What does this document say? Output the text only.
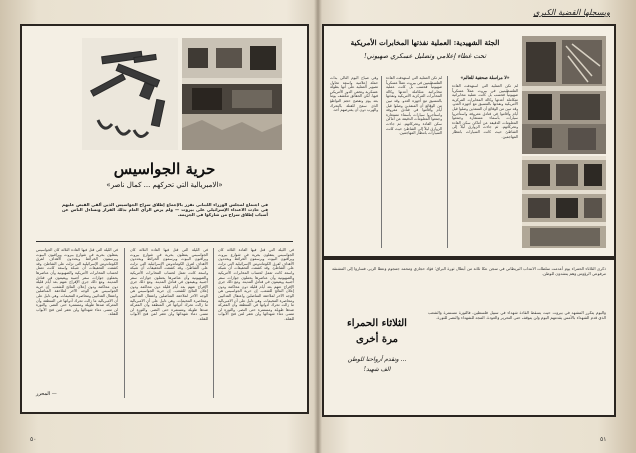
حرية الجواسيس
«الامبريالية التي تحركهم ... كمال ناصر»
في اجتماع لمجلس الوزراء اللبناني تقرر بالإجماع إطلاق سراح الجواسيس الذين ألقي القبض عليهم في حادث الاعتداء الإسرائيلي على بيروت — ولم يرض الرأي العام بذلك القرار وتساءل الناس عن أسباب إطلاق سراح من شاركوا في الجريمة.
في الليلة التي قتل فيها القادة الثلاثة كان الجواسيس يتنقلون بحرية في شوارع بيروت ويراقبون البيوت ويرسمون الخرائط ويحددون الأهداف لفرق الكوماندوس الإسرائيلية التي نزلت على الشاطئ. وقد كشفت التحقيقات أن شبكة واسعة كانت تعمل لحساب المخابرات الأمريكية والصهيونية وأن عناصرها يحملون جوازات سفر أجنبية ويقيمون في فنادق المدينة. ومع ذلك جرى الإفراج عنهم بعد أيام قليلة دون محاكمة ودون إعلان النتائج للشعب. إن حرية الجواسيس هي الوجه الآخر لملاحقة المناضلين واعتقال الفدائيين ومحاصرة المخيمات. وهي دليل على أن الامبريالية ما زالت تحرك أدواتها في المنطقة وأن المعركة ضدها طويلة ومستمرة حتى النصر. والثورة لن تنسى دماء شهدائها ولن تغفر لمن فتح الأبواب للقتلة.
في الليلة التي قتل فيها القادة الثلاثة كان الجواسيس يتنقلون بحرية في شوارع بيروت ويراقبون البيوت ويرسمون الخرائط ويحددون الأهداف لفرق الكوماندوس الإسرائيلية التي نزلت على الشاطئ. وقد كشفت التحقيقات أن شبكة واسعة كانت تعمل لحساب المخابرات الأمريكية والصهيونية وأن عناصرها يحملون جوازات سفر أجنبية ويقيمون في فنادق المدينة. ومع ذلك جرى الإفراج عنهم بعد أيام قليلة دون محاكمة ودون إعلان النتائج للشعب. إن حرية الجواسيس هي الوجه الآخر لملاحقة المناضلين واعتقال الفدائيين ومحاصرة المخيمات. وهي دليل على أن الامبريالية ما زالت تحرك أدواتها في المنطقة وأن المعركة ضدها طويلة ومستمرة حتى النصر. والثورة لن تنسى دماء شهدائها ولن تغفر لمن فتح الأبواب للقتلة.
في الليلة التي قتل فيها القادة الثلاثة كان الجواسيس يتنقلون بحرية في شوارع بيروت ويراقبون البيوت ويرسمون الخرائط ويحددون الأهداف لفرق الكوماندوس الإسرائيلية التي نزلت على الشاطئ. وقد كشفت التحقيقات أن شبكة واسعة كانت تعمل لحساب المخابرات الأمريكية والصهيونية وأن عناصرها يحملون جوازات سفر أجنبية ويقيمون في فنادق المدينة. ومع ذلك جرى الإفراج عنهم بعد أيام قليلة دون محاكمة ودون إعلان النتائج للشعب. إن حرية الجواسيس هي الوجه الآخر لملاحقة المناضلين واعتقال الفدائيين ومحاصرة المخيمات. وهي دليل على أن الامبريالية ما زالت تحرك أدواتها في المنطقة وأن المعركة ضدها طويلة ومستمرة حتى النصر. والثورة لن تنسى دماء شهدائها ولن تغفر لمن فتح الأبواب للقتلة.
— المحرر
٥٠
ويسجلها القضية الكبرى
الجثة الشهيدية: العملية نفذتها المخابرات الأمريكية
تحت غطاء إعلامي وتضليل عسكري صهيوني!
«لا مراسلة صحفية للعالم»
لم تكن العملية التي استهدفت القادة الفلسطينيين في بيروت عملاً عسكرياً صهيونياً فحسب بل كانت عملية مخابراتية متكاملة أعدتها وكالة المخابرات المركزية الأمريكية ونفذتها بالتنسيق مع أجهزة العدو. وقد تبين من الوقائع أن المنفذين وصلوا قبل أيام وأقاموا في فنادق معروفة واستأجروا سيارات بأسماء مستعارة وجمعوا المعلومات الدقيقة عن أماكن سكن القادة وتحركاتهم. ثم جاءت الزوارق ليلاً إلى الشاطئ حيث كانت السيارات بانتظار المهاجمين.
لم تكن العملية التي استهدفت القادة الفلسطينيين في بيروت عملاً عسكرياً صهيونياً فحسب بل كانت عملية مخابراتية متكاملة أعدتها وكالة المخابرات المركزية الأمريكية ونفذتها بالتنسيق مع أجهزة العدو. وقد تبين من الوقائع أن المنفذين وصلوا قبل أيام وأقاموا في فنادق معروفة واستأجروا سيارات بأسماء مستعارة وجمعوا المعلومات الدقيقة عن أماكن سكن القادة وتحركاتهم. ثم جاءت الزوارق ليلاً إلى الشاطئ حيث كانت السيارات بانتظار المهاجمين.
وفي صباح اليوم التالي بدأت حملة إعلامية واسعة تحاول تصوير العملية على أنها بطولة عسكرية وتخفي الدور الأمريكي فيها. لكن الحقائق تتكشف يوماً بعد يوم وتفضح حجم التواطؤ الذي سمح للقتلة بالتحرك والهرب دون أن يعترضهم أحد.
ذكرى الثلاثاء الحمراء يوم أعدمت سلطات الانتداب البريطاني في سجن عكا ثلاثة من أبطال ثورة البراق: فؤاد حجازي ومحمد جمجوم وعطا الزير، فساروا إلى المشنقة مرفوعي الرؤوس وهم ينشدون للوطن.
الثلاثاء الحمراء
مرة أخرى
... ونقدم أرواحنا للوطن
الف شهيد!
واليوم يتكرر المشهد في بيروت حيث يسقط القادة شهداء في سبيل فلسطين، فالثورة مستمرة والشعب الذي قدم الشهداء بالأمس يقدمهم اليوم ولن يتوقف حتى التحرير والعودة. المجد للشهداء والنصر للثورة.
٥١
